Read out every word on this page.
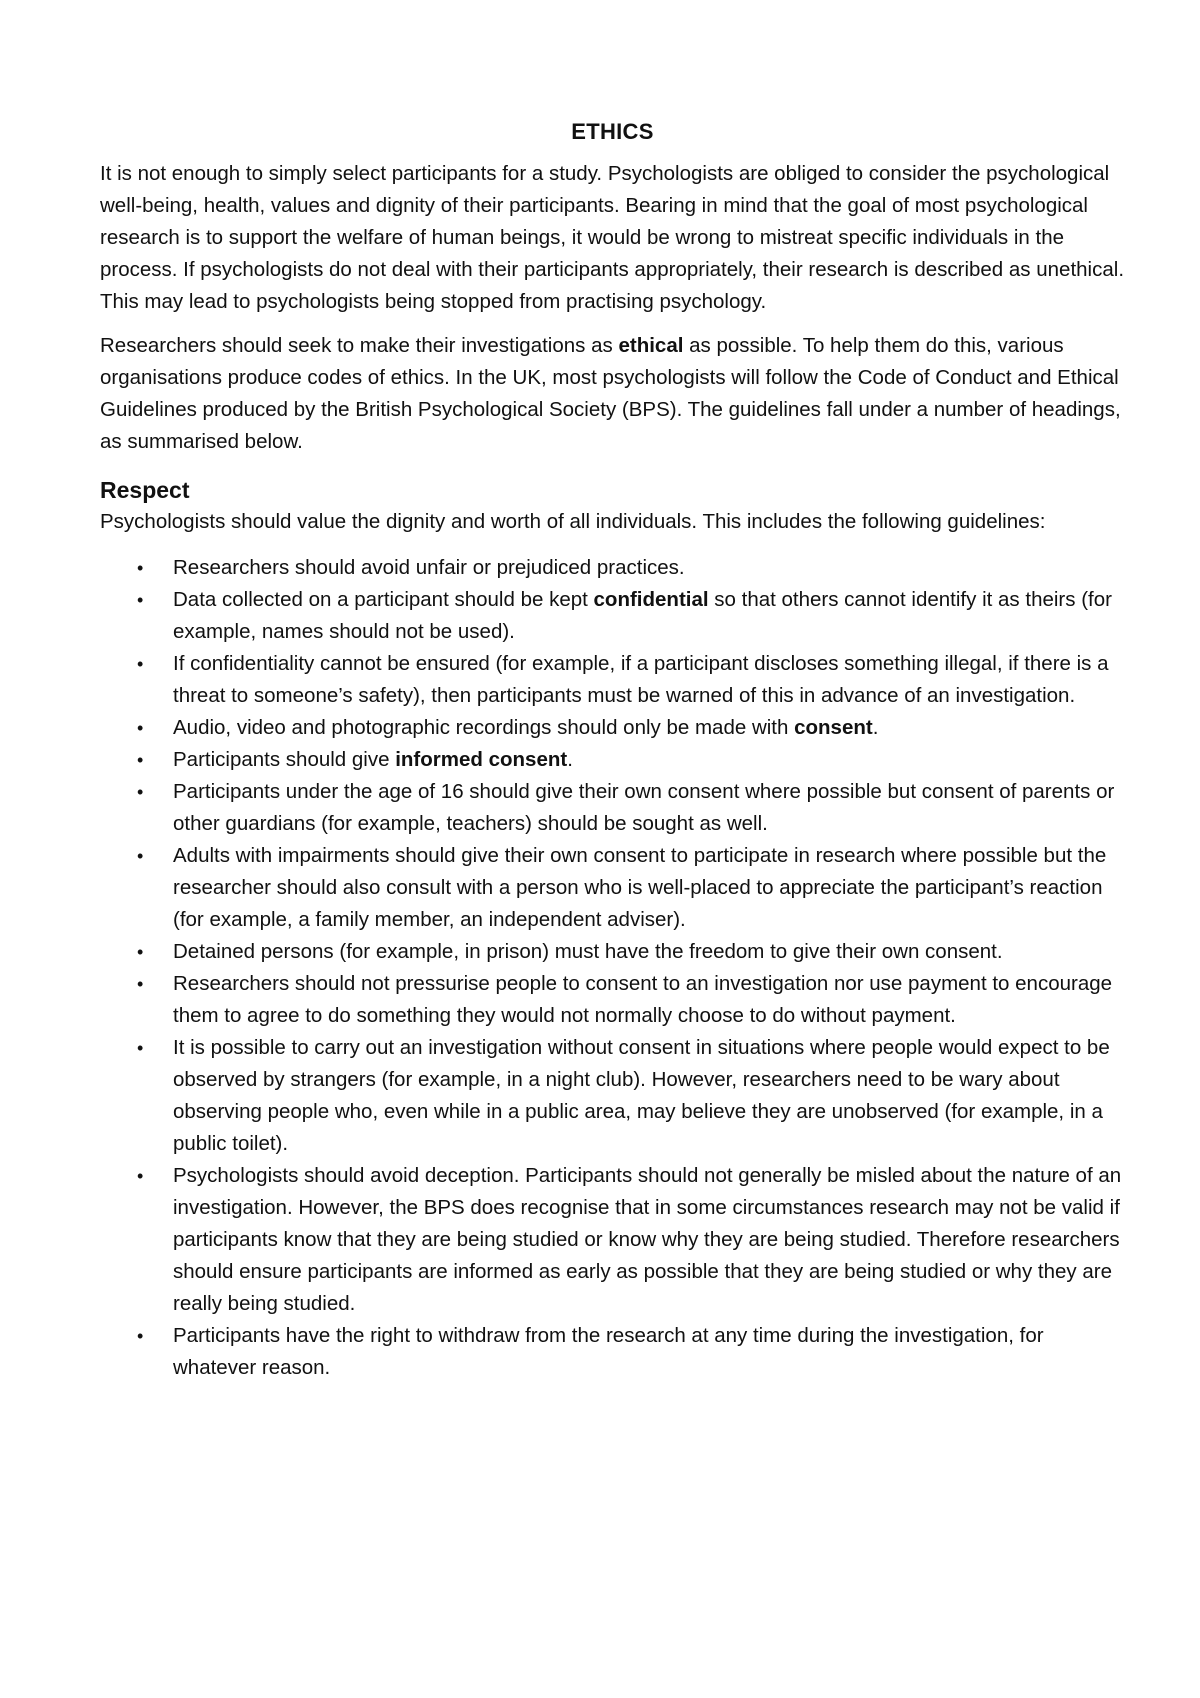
ETHICS

It is not enough to simply select participants for a study. Psychologists are obliged to consider the psychological well-being, health, values and dignity of their participants. Bearing in mind that the goal of most psychological research is to support the welfare of human beings, it would be wrong to mistreat specific individuals in the process. If psychologists do not deal with their participants appropriately, their research is described as unethical. This may lead to psychologists being stopped from practising psychology.

Researchers should seek to make their investigations as ethical as possible. To help them do this, various organisations produce codes of ethics. In the UK, most psychologists will follow the Code of Conduct and Ethical Guidelines produced by the British Psychological Society (BPS). The guidelines fall under a number of headings, as summarised below.

Respect

Psychologists should value the dignity and worth of all individuals. This includes the following guidelines:

• Researchers should avoid unfair or prejudiced practices.
• Data collected on a participant should be kept confidential so that others cannot identify it as theirs (for example, names should not be used).
• If confidentiality cannot be ensured (for example, if a participant discloses something illegal, if there is a threat to someone’s safety), then participants must be warned of this in advance of an investigation.
• Audio, video and photographic recordings should only be made with consent.
• Participants should give informed consent.
• Participants under the age of 16 should give their own consent where possible but consent of parents or other guardians (for example, teachers) should be sought as well.
• Adults with impairments should give their own consent to participate in research where possible but the researcher should also consult with a person who is well-placed to appreciate the participant’s reaction (for example, a family member, an independent adviser).
• Detained persons (for example, in prison) must have the freedom to give their own consent.
• Researchers should not pressurise people to consent to an investigation nor use payment to encourage them to agree to do something they would not normally choose to do without payment.
• It is possible to carry out an investigation without consent in situations where people would expect to be observed by strangers (for example, in a night club). However, researchers need to be wary about observing people who, even while in a public area, may believe they are unobserved (for example, in a public toilet).
• Psychologists should avoid deception. Participants should not generally be misled about the nature of an investigation. However, the BPS does recognise that in some circumstances research may not be valid if participants know that they are being studied or know why they are being studied. Therefore researchers should ensure participants are informed as early as possible that they are being studied or why they are really being studied.
• Participants have the right to withdraw from the research at any time during the investigation, for whatever reason.
